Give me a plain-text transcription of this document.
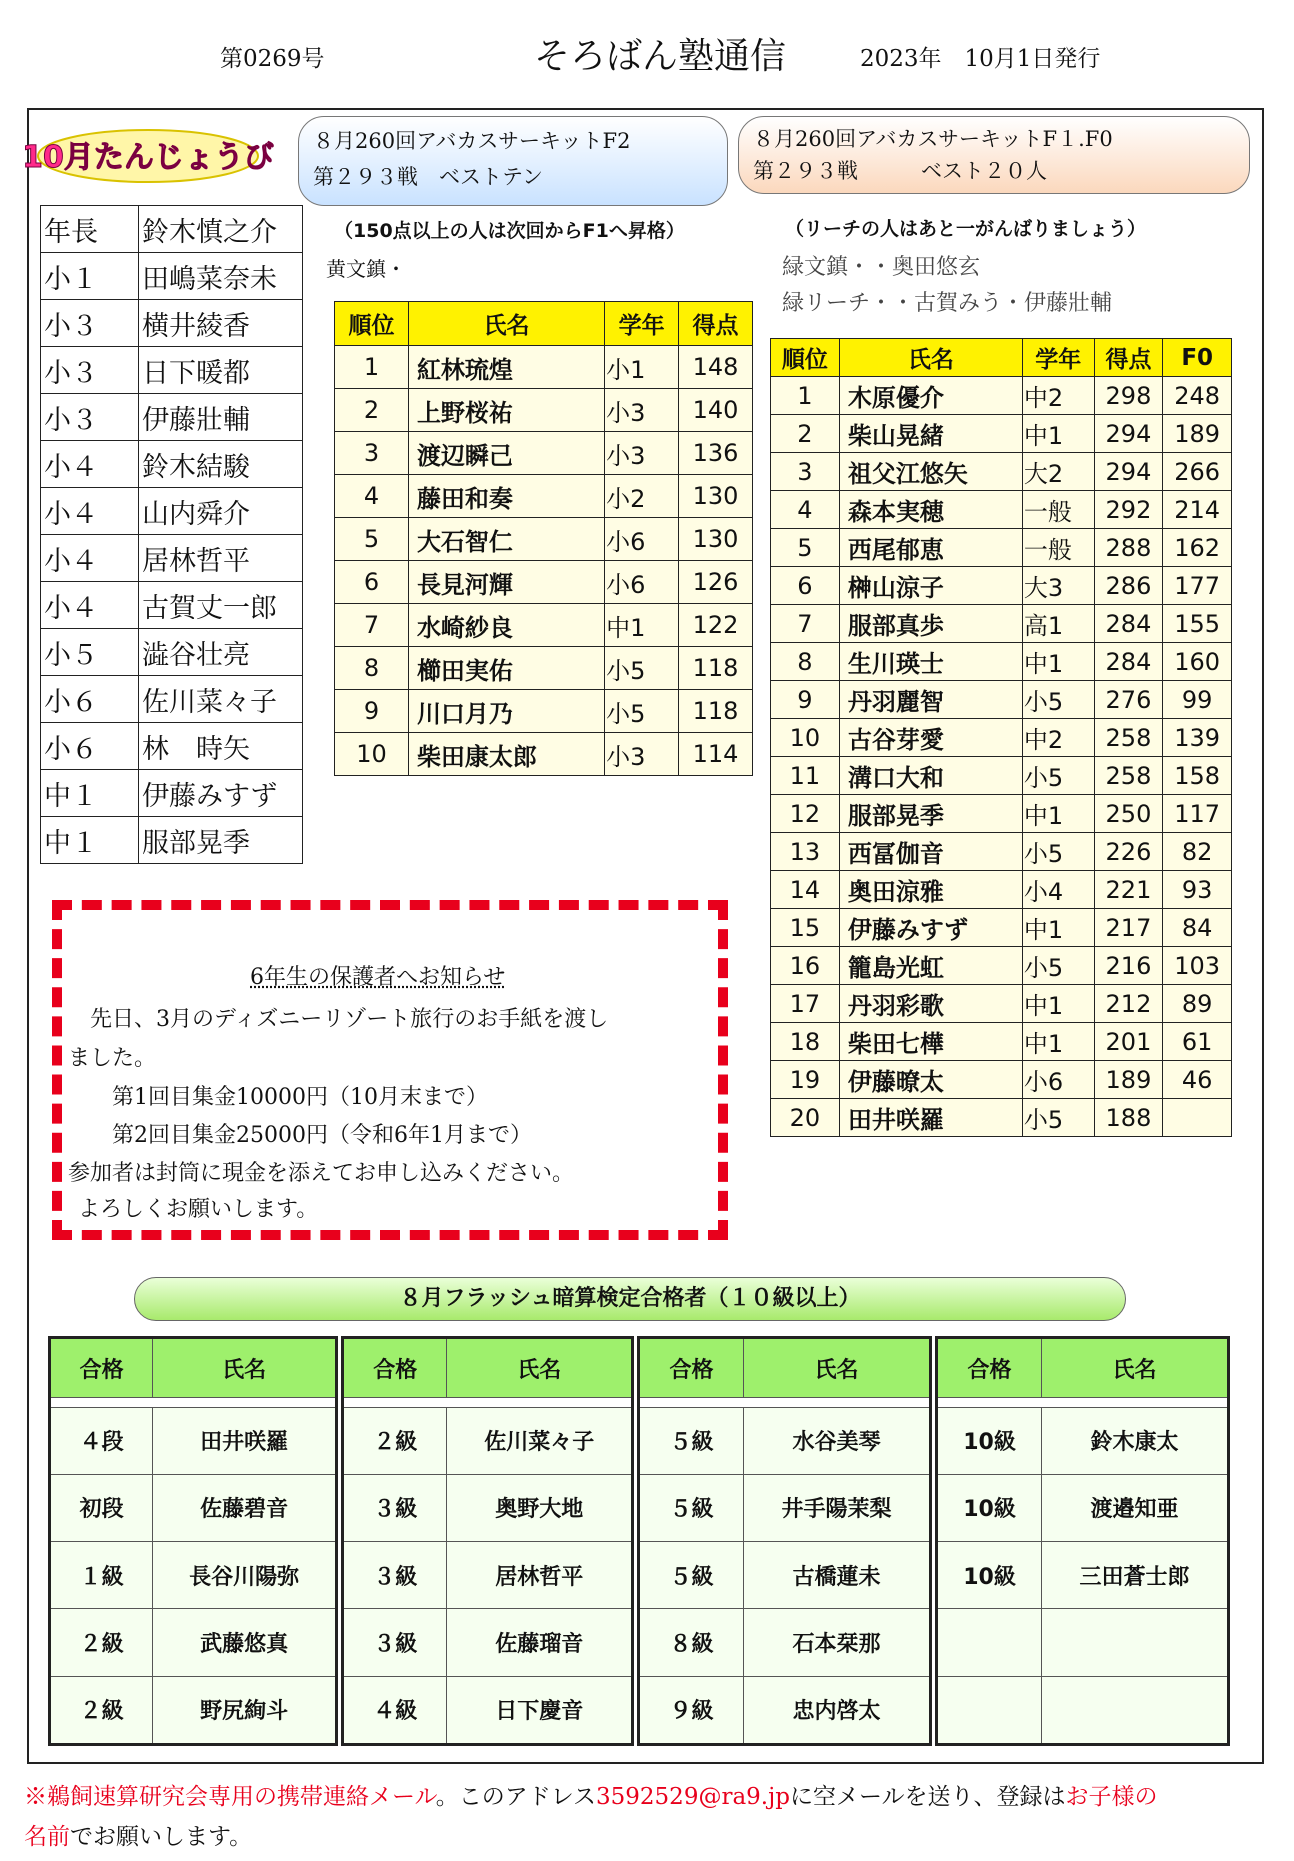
第0269号	そろばん塾通信	2023年　10月1日発行
10月たんじょうび
年長	鈴木慎之介
小１	田嶋菜奈未
小３	横井綾香
小３	日下暖都
小３	伊藤壯輔
小４	鈴木結駿
小４	山内舜介
小４	居林哲平
小４	古賀丈一郎
小５	澁谷壮亮
小６	佐川菜々子
小６	林　時矢
中１	伊藤みすず
中１	服部晃季
８月260回アバカスサーキットF2
第２９３戦　ベストテン
８月260回アバカスサーキットF１.F0
第２９３戦　　　ベスト２０人
（150点以上の人は次回からF1へ昇格）
黄文鎮・
（リーチの人はあと一がんばりましょう）
緑文鎮・・奥田悠玄
緑リーチ・・古賀みう・伊藤壯輔
順位	氏名	学年	得点
1	紅林琉煌	小1	148
2	上野桜祐	小3	140
3	渡辺瞬己	小3	136
4	藤田和奏	小2	130
5	大石智仁	小6	130
6	長見河輝	小6	126
7	水崎紗良	中1	122
8	櫛田実佑	小5	118
9	川口月乃	小5	118
10	柴田康太郎	小3	114
順位	氏名	学年	得点	F0
1	木原優介	中2	298	248
2	柴山晃緒	中1	294	189
3	祖父江悠矢	大2	294	266
4	森本実穂	一般	292	214
5	西尾郁恵	一般	288	162
6	榊山涼子	大3	286	177
7	服部真歩	高1	284	155
8	生川瑛士	中1	284	160
9	丹羽麗智	小5	276	99
10	古谷芽愛	中2	258	139
11	溝口大和	小5	258	158
12	服部晃季	中1	250	117
13	西冨伽音	小5	226	82
14	奥田涼雅	小4	221	93
15	伊藤みすず	中1	217	84
16	籠島光虹	小5	216	103
17	丹羽彩歌	中1	212	89
18	柴田七樺	中1	201	61
19	伊藤暸太	小6	189	46
20	田井咲羅	小5	188	
6年生の保護者へお知らせ
　先日、3月のディズニーリゾート旅行のお手紙を渡し
ました。
　　第1回目集金10000円（10月末まで）
　　第2回目集金25000円（令和6年1月まで）
参加者は封筒に現金を添えてお申し込みください。
よろしくお願いします。
８月フラッシュ暗算検定合格者（１０級以上）
合格	氏名

４段	田井咲羅
初段	佐藤碧音
１級	長谷川陽弥
２級	武藤悠真
２級	野尻絢斗
合格	氏名

２級	佐川菜々子
３級	奥野大地
３級	居林哲平
３級	佐藤瑠音
４級	日下慶音
合格	氏名

５級	水谷美琴
５級	井手陽茉梨
５級	古橋蓮未
８級	石本栞那
９級	忠内啓太
合格	氏名

10級	鈴木康太
10級	渡邉知亜
10級	三田蒼士郎

※鵜飼速算研究会専用の携帯連絡メール。このアドレス3592529@ra9.jpに空メールを送り、登録はお子様の
名前でお願いします。
